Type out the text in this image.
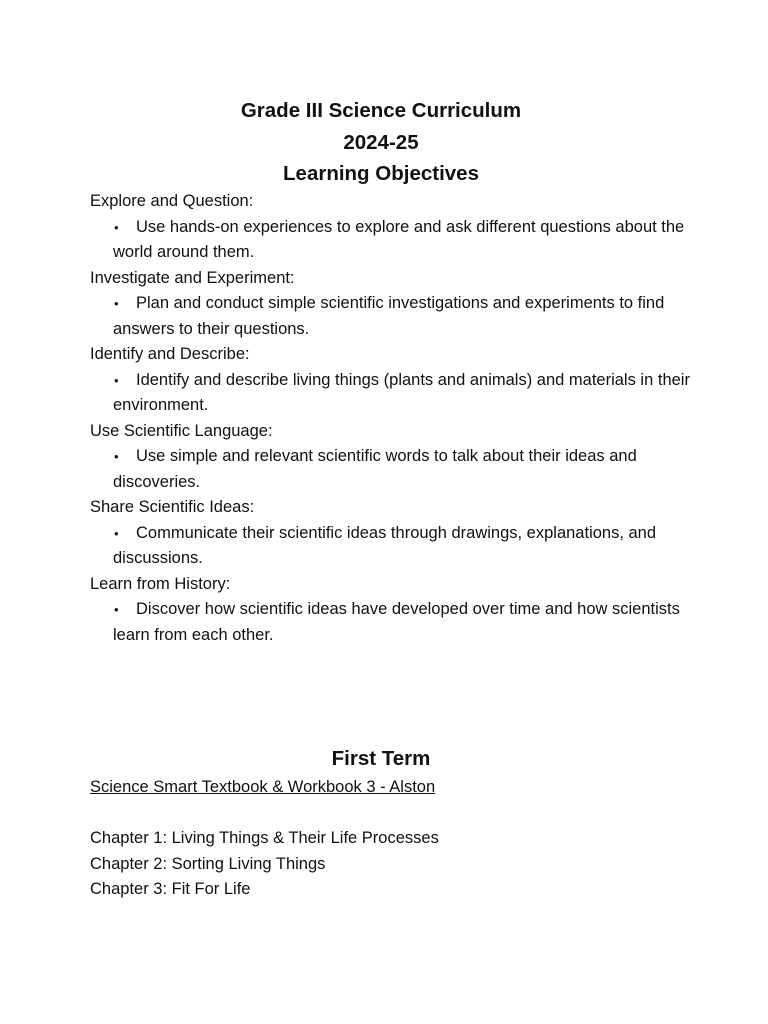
Grade III Science Curriculum
2024-25
Learning Objectives

Explore and Question:

•	Use hands-on experiences to explore and ask different questions about the world around them.

Investigate and Experiment:

•	Plan and conduct simple scientific investigations and experiments to find answers to their questions.

Identify and Describe:

•	Identify and describe living things (plants and animals) and materials in their environment.

Use Scientific Language:

•	Use simple and relevant scientific words to talk about their ideas and discoveries.

Share Scientific Ideas:

•	Communicate their scientific ideas through drawings, explanations, and discussions.

Learn from History:

•	Discover how scientific ideas have developed over time and how scientists learn from each other.

First Term
Science Smart Textbook & Workbook 3 - Alston

Chapter 1: Living Things & Their Life Processes

Chapter 2: Sorting Living Things

Chapter 3: Fit For Life
